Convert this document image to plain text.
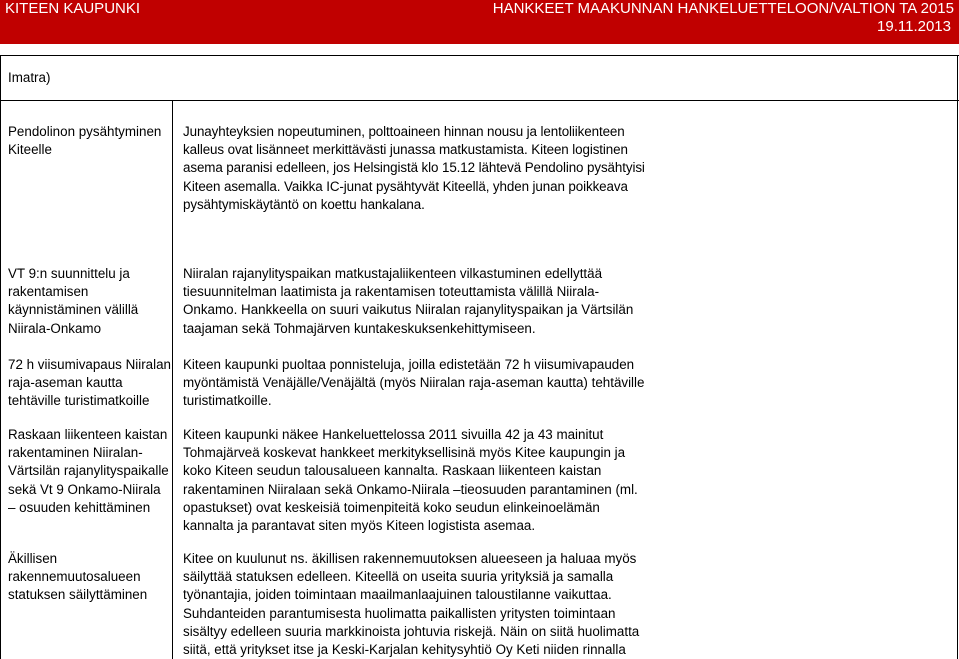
KITEEN KAUPUNKI	HANKKEET MAAKUNNAN HANKELUETTELOON/VALTION TA 2015
19.11.2013
Imatra)
Pendolinon pysähtyminen Kiteelle
Junayhteyksien nopeutuminen, polttoaineen hinnan nousu ja lentoliikenteen kalleus ovat lisänneet merkittävästi junassa matkustamista. Kiteen logistinen asema paranisi edelleen, jos Helsingistä klo 15.12 lähtevä Pendolino pysähtyisi Kiteen asemalla. Vaikka IC-junat pysähtyvät Kiteellä, yhden junan poikkeava pysähtymiskäytäntö on koettu hankalana.
VT 9:n suunnittelu ja rakentamisen käynnistäminen välillä Niirala-Onkamo
Niiralan rajanylityspaikan matkustajaliikenteen vilkastuminen edellyttää tiesuunnitelman laatimista ja rakentamisen toteuttamista välillä Niirala-Onkamo. Hankkeella on suuri vaikutus Niiralan rajanylityspaikan ja Värtsilän taajaman sekä Tohmajärven kuntakeskuksenkehittymiseen.
72 h viisumivapaus Niiralan raja-aseman kautta tehtäville turistimatkoille
Kiteen kaupunki puoltaa ponnisteluja, joilla edistetään 72 h viisumivapauden myöntämistä Venäjälle/Venäjältä (myös Niiralan raja-aseman kautta) tehtäville turistimatkoille.
Raskaan liikenteen kaistan rakentaminen Niiralan-Värtsilän rajanylityspaikalle sekä Vt 9 Onkamo-Niirala – osuuden kehittäminen
Kiteen kaupunki näkee Hankeluettelossa 2011 sivuilla 42 ja 43 mainitut Tohmajärveä koskevat hankkeet merkityksellisinä myös Kitee kaupungin ja koko Kiteen seudun talousalueen kannalta. Raskaan liikenteen kaistan rakentaminen Niiralaan sekä Onkamo-Niirala –tieosuuden parantaminen (ml. opastukset) ovat keskeisiä toimenpiteitä koko seudun elinkeinoelämän kannalta ja parantavat siten myös Kiteen logistista asemaa.
Äkillisen rakennemuutosalueen statuksen säilyttäminen
Kitee on kuulunut ns. äkillisen rakennemuutoksen alueeseen ja haluaa myös säilyttää statuksen edelleen. Kiteellä on useita suuria yrityksiä ja samalla työnantajia, joiden toimintaan maailmanlaajuinen taloustilanne vaikuttaa. Suhdanteiden parantumisesta huolimatta paikallisten yritysten toimintaan sisältyy edelleen suuria markkinoista johtuvia riskejä. Näin on siitä huolimatta siitä, että yritykset itse ja Keski-Karjalan kehitysyhtiö Oy Keti niiden rinnalla
